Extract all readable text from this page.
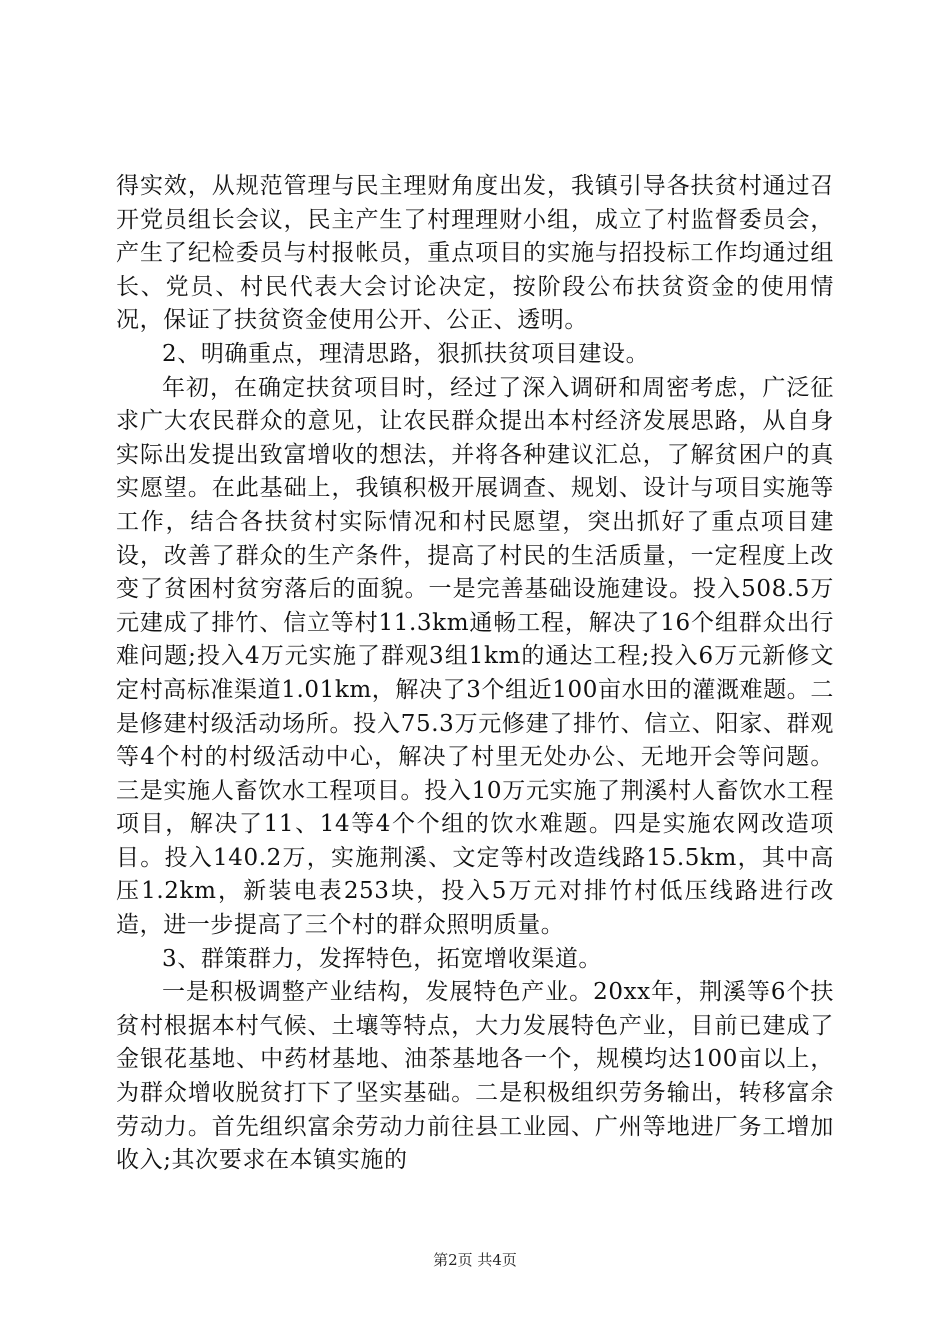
得实效，从规范管理与民主理财角度出发，我镇引导各扶贫村通过召开党员组长会议，民主产生了村理理财小组，成立了村监督委员会，产生了纪检委员与村报帐员，重点项目的实施与招投标工作均通过组长、党员、村民代表大会讨论决定，按阶段公布扶贫资金的使用情况，保证了扶贫资金使用公开、公正、透明。

2、明确重点，理清思路，狠抓扶贫项目建设。

年初，在确定扶贫项目时，经过了深入调研和周密考虑，广泛征求广大农民群众的意见，让农民群众提出本村经济发展思路，从自身实际出发提出致富增收的想法，并将各种建议汇总，了解贫困户的真实愿望。在此基础上，我镇积极开展调查、规划、设计与项目实施等工作，结合各扶贫村实际情况和村民愿望，突出抓好了重点项目建设，改善了群众的生产条件，提高了村民的生活质量，一定程度上改变了贫困村贫穷落后的面貌。一是完善基础设施建设。投入508.5万元建成了排竹、信立等村11.3km通畅工程，解决了16个组群众出行难问题;投入4万元实施了群观3组1km的通达工程;投入6万元新修文定村高标准渠道1.01km，解决了3个组近100亩水田的灌溉难题。二是修建村级活动场所。投入75.3万元修建了排竹、信立、阳家、群观等4个村的村级活动中心，解决了村里无处办公、无地开会等问题。三是实施人畜饮水工程项目。投入10万元实施了荆溪村人畜饮水工程项目，解决了11、14等4个个组的饮水难题。四是实施农网改造项目。投入140.2万，实施荆溪、文定等村改造线路15.5km，其中高压1.2km，新装电表253块，投入5万元对排竹村低压线路进行改造，进一步提高了三个村的群众照明质量。

3、群策群力，发挥特色，拓宽增收渠道。

一是积极调整产业结构，发展特色产业。20xx年，荆溪等6个扶贫村根据本村气候、土壤等特点，大力发展特色产业，目前已建成了金银花基地、中药材基地、油茶基地各一个，规模均达100亩以上，为群众增收脱贫打下了坚实基础。二是积极组织劳务输出，转移富余劳动力。首先组织富余劳动力前往县工业园、广州等地进厂务工增加收入;其次要求在本镇实施的

第2页 共4页
